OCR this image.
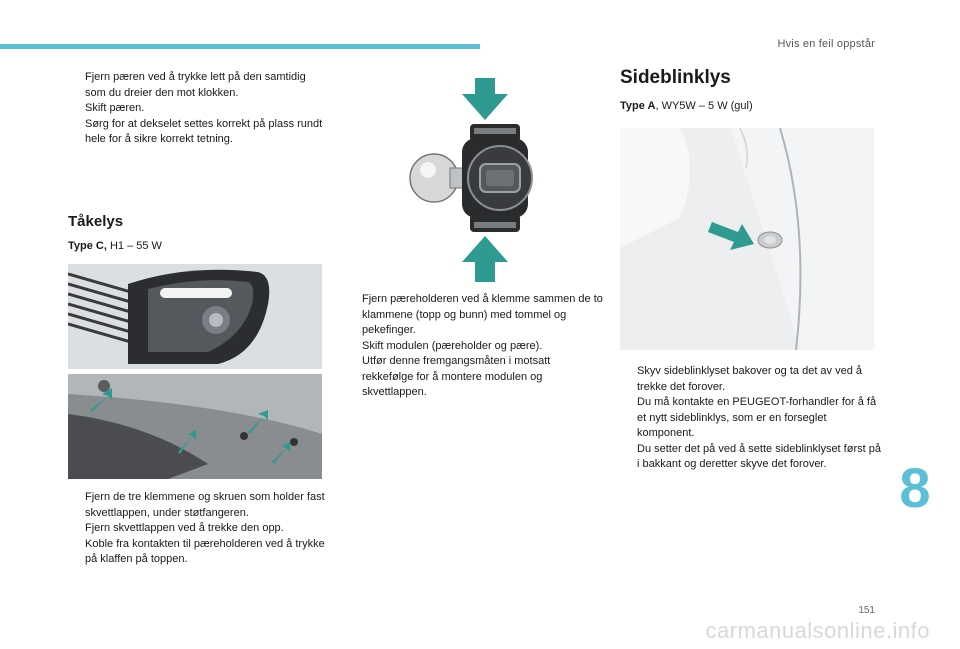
Hvis en feil oppstår
Fjern pæren ved å trykke lett på den samtidig som du dreier den mot klokken.
Skift pæren.
Sørg for at dekselet settes korrekt på plass rundt hele for å sikre korrekt tetning.
Tåkelys
Type C, H1 – 55 W
Fjern de tre klemmene og skruen som holder fast skvettlappen, under støtfangeren.
Fjern skvettlappen ved å trekke den opp.
Koble fra kontakten til pæreholderen ved å trykke på klaffen på toppen.
Fjern pæreholderen ved å klemme sammen de to klammene (topp og bunn) med tommel og pekefinger.
Skift modulen (pæreholder og pære).
Utfør denne fremgangsmåten i motsatt rekkefølge for å montere modulen og skvettlappen.
Sideblinklys
Type A, WY5W – 5 W (gul)
Skyv sideblinklyset bakover og ta det av ved å trekke det forover.
Du må kontakte en PEUGEOT-forhandler for å få et nytt sideblinklys, som er en forseglet komponent.
Du setter det på ved å sette sideblinklyset først på i bakkant og deretter skyve det forover.	8
151
carmanualsonline.info
